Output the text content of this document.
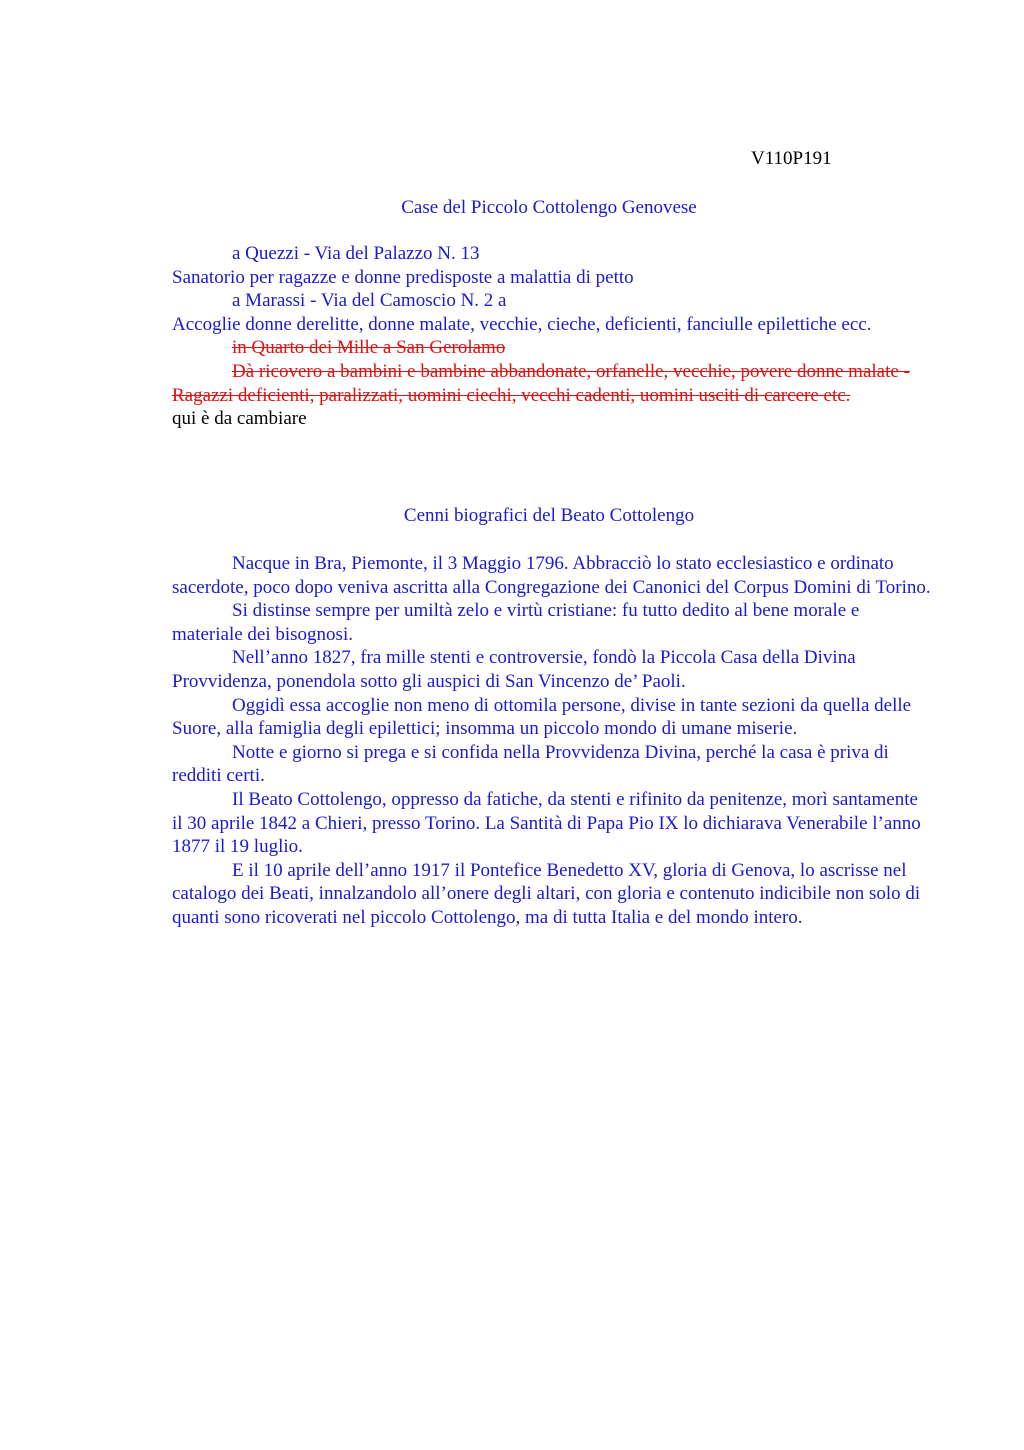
V110P191
Case del Piccolo Cottolengo Genovese

a Quezzi - Via del Palazzo N. 13

Sanatorio per ragazze e donne predisposte a malattia di petto

a Marassi - Via del Camoscio N. 2 a

Accoglie donne derelitte, donne malate, vecchie, cieche, deficienti, fanciulle epilettiche ecc.

in Quarto dei Mille a San Gerolamo

Dà ricovero a bambini e bambine abbandonate, orfanelle, vecchie, povere donne malate - Ragazzi deficienti, paralizzati, uomini ciechi, vecchi cadenti, uomini usciti di carcere etc.

qui è da cambiare

Cenni biografici del Beato Cottolengo

Nacque in Bra, Piemonte, il 3 Maggio 1796. Abbracciò lo stato ecclesiastico e ordinato sacerdote, poco dopo veniva ascritta alla Congregazione dei Canonici del Corpus Domini di Torino.

Si distinse sempre per umiltà zelo e virtù cristiane: fu tutto dedito al bene morale e materiale dei bisognosi.

Nell’anno 1827, fra mille stenti e controversie, fondò la Piccola Casa della Divina Provvidenza, ponendola sotto gli auspici di San Vincenzo de’ Paoli.

Oggidì essa accoglie non meno di ottomila persone, divise in tante sezioni da quella delle Suore, alla famiglia degli epilettici; insomma un piccolo mondo di umane miserie.

Notte e giorno si prega e si confida nella Provvidenza Divina, perché la casa è priva di redditi certi.

Il Beato Cottolengo, oppresso da fatiche, da stenti e rifinito da penitenze, morì santamente il 30 aprile 1842 a Chieri, presso Torino. La Santità di Papa Pio IX lo dichiarava Venerabile l’anno 1877 il 19 luglio.

E il 10 aprile dell’anno 1917 il Pontefice Benedetto XV, gloria di Genova, lo ascrisse nel catalogo dei Beati, innalzandolo all’onere degli altari, con gloria e contenuto indicibile non solo di quanti sono ricoverati nel piccolo Cottolengo, ma di tutta Italia e del mondo intero.
